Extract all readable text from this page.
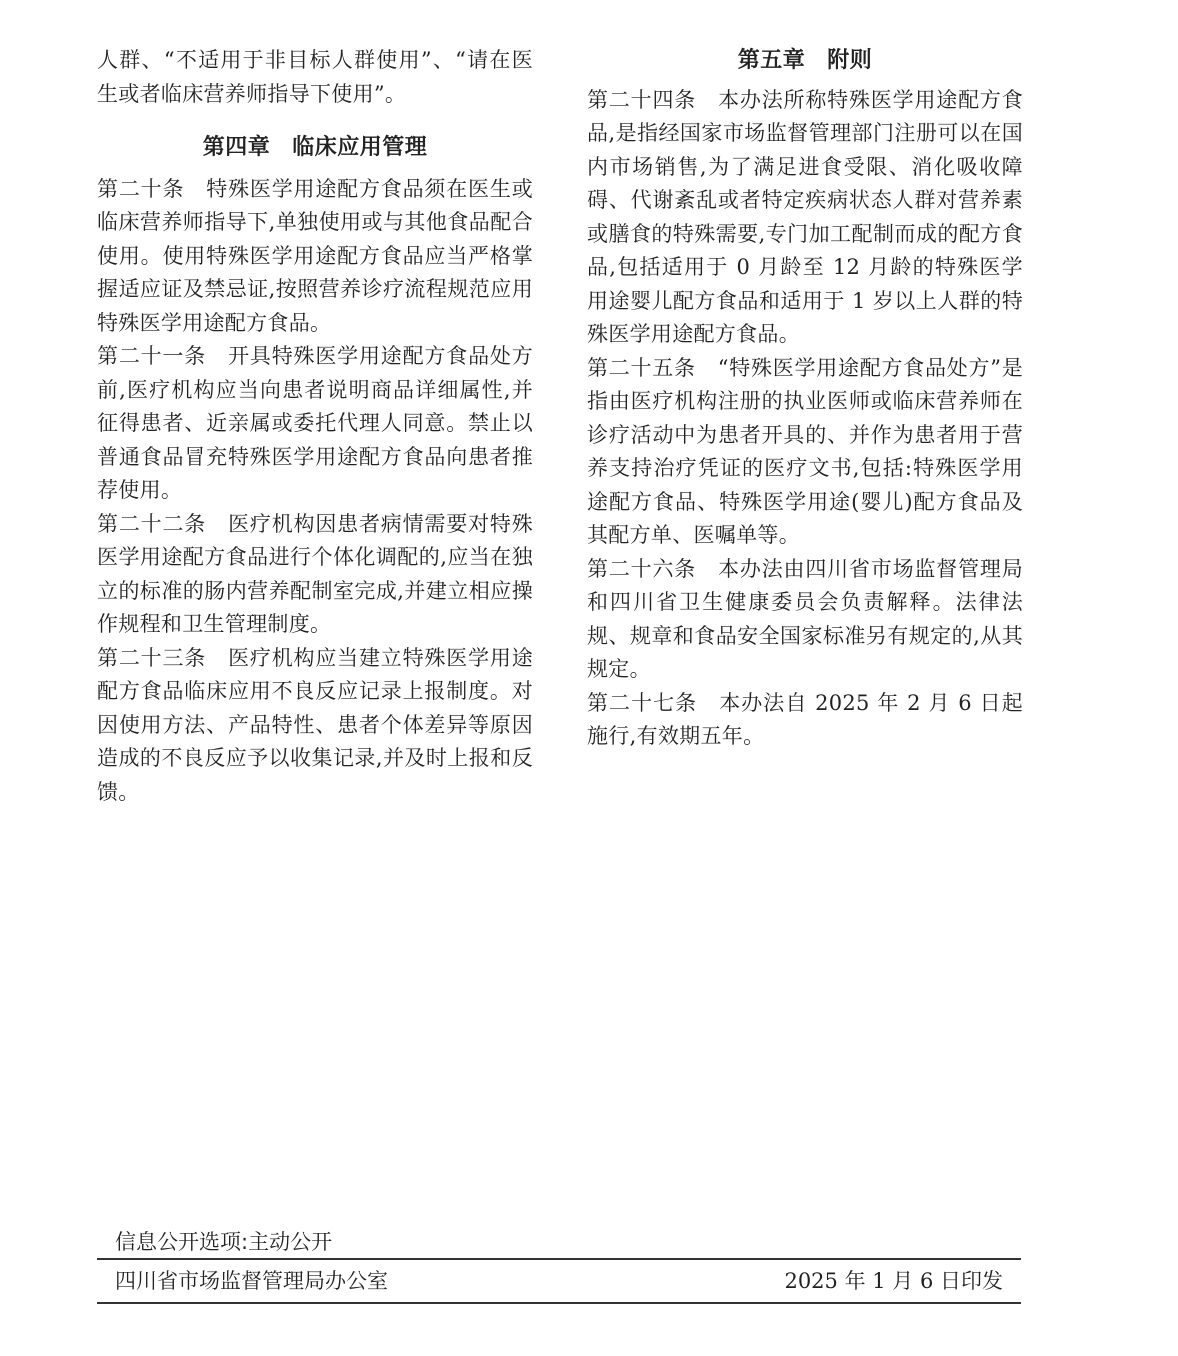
人群、“不适用于非目标人群使用”、“请在医生或者临床营养师指导下使用”。

第四章 临床应用管理

第二十条 特殊医学用途配方食品须在医生或临床营养师指导下,单独使用或与其他食品配合使用。使用特殊医学用途配方食品应当严格掌握适应证及禁忌证,按照营养诊疗流程规范应用特殊医学用途配方食品。

第二十一条 开具特殊医学用途配方食品处方前,医疗机构应当向患者说明商品详细属性,并征得患者、近亲属或委托代理人同意。禁止以普通食品冒充特殊医学用途配方食品向患者推荐使用。

第二十二条 医疗机构因患者病情需要对特殊医学用途配方食品进行个体化调配的,应当在独立的标准的肠内营养配制室完成,并建立相应操作规程和卫生管理制度。

第二十三条 医疗机构应当建立特殊医学用途配方食品临床应用不良反应记录上报制度。对因使用方法、产品特性、患者个体差异等原因造成的不良反应予以收集记录,并及时上报和反馈。

第五章 附则

第二十四条 本办法所称特殊医学用途配方食品,是指经国家市场监督管理部门注册可以在国内市场销售,为了满足进食受限、消化吸收障碍、代谢紊乱或者特定疾病状态人群对营养素或膳食的特殊需要,专门加工配制而成的配方食品,包括适用于 0 月龄至 12 月龄的特殊医学用途婴儿配方食品和适用于 1 岁以上人群的特殊医学用途配方食品。

第二十五条 “特殊医学用途配方食品处方”是指由医疗机构注册的执业医师或临床营养师在诊疗活动中为患者开具的、并作为患者用于营养支持治疗凭证的医疗文书,包括:特殊医学用途配方食品、特殊医学用途(婴儿)配方食品及其配方单、医嘱单等。

第二十六条 本办法由四川省市场监督管理局和四川省卫生健康委员会负责解释。法律法规、规章和食品安全国家标准另有规定的,从其规定。

第二十七条 本办法自 2025 年 2 月 6 日起施行,有效期五年。

信息公开选项:主动公开
四川省市场监督管理局办公室	2025 年 1 月 6 日印发
